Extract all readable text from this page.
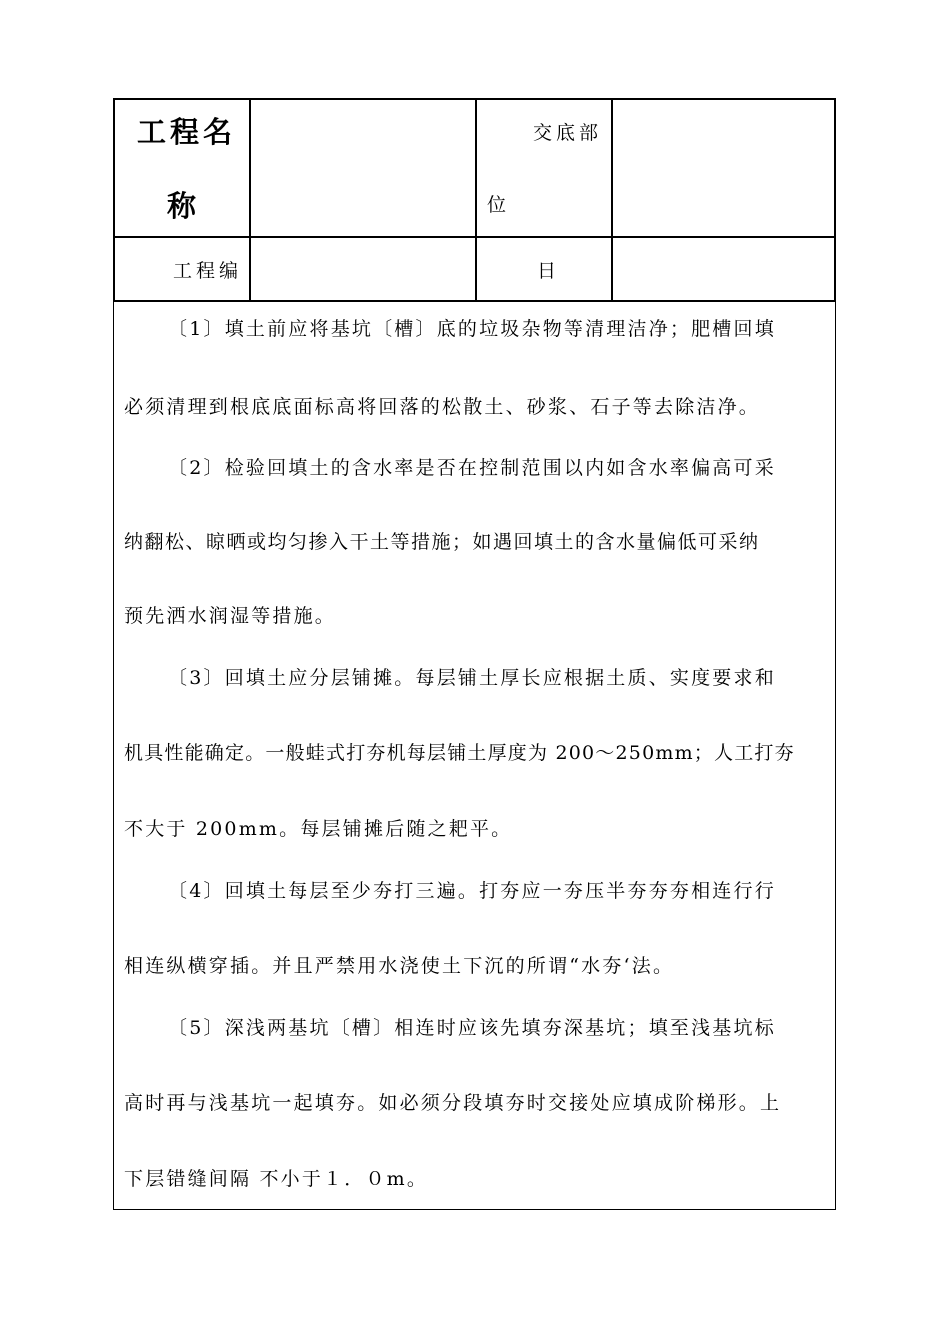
工程名
称
交底部
位
工程编	日
〔1〕填土前应将基坑〔槽〕底的垃圾杂物等清理洁净；肥槽回填
必须清理到根底底面标高将回落的松散土、砂浆、石子等去除洁净。
〔2〕检验回填土的含水率是否在控制范围以内如含水率偏高可采
纳翻松、晾晒或均匀掺入干土等措施；如遇回填土的含水量偏低可采纳
预先洒水润湿等措施。
〔3〕回填土应分层铺摊。每层铺土厚长应根据土质、实度要求和
机具性能确定。一般蛙式打夯机每层铺土厚度为 200～250mm；人工打夯
不大于 200mm。每层铺摊后随之耙平。
〔4〕回填土每层至少夯打三遍。打夯应一夯压半夯夯夯相连行行
相连纵横穿插。并且严禁用水浇使土下沉的所谓“水夯‘法。
〔5〕深浅两基坑〔槽〕相连时应该先填夯深基坑；填至浅基坑标
高时再与浅基坑一起填夯。如必须分段填夯时交接处应填成阶梯形。上
下层错缝间隔 不小于１．０m。
